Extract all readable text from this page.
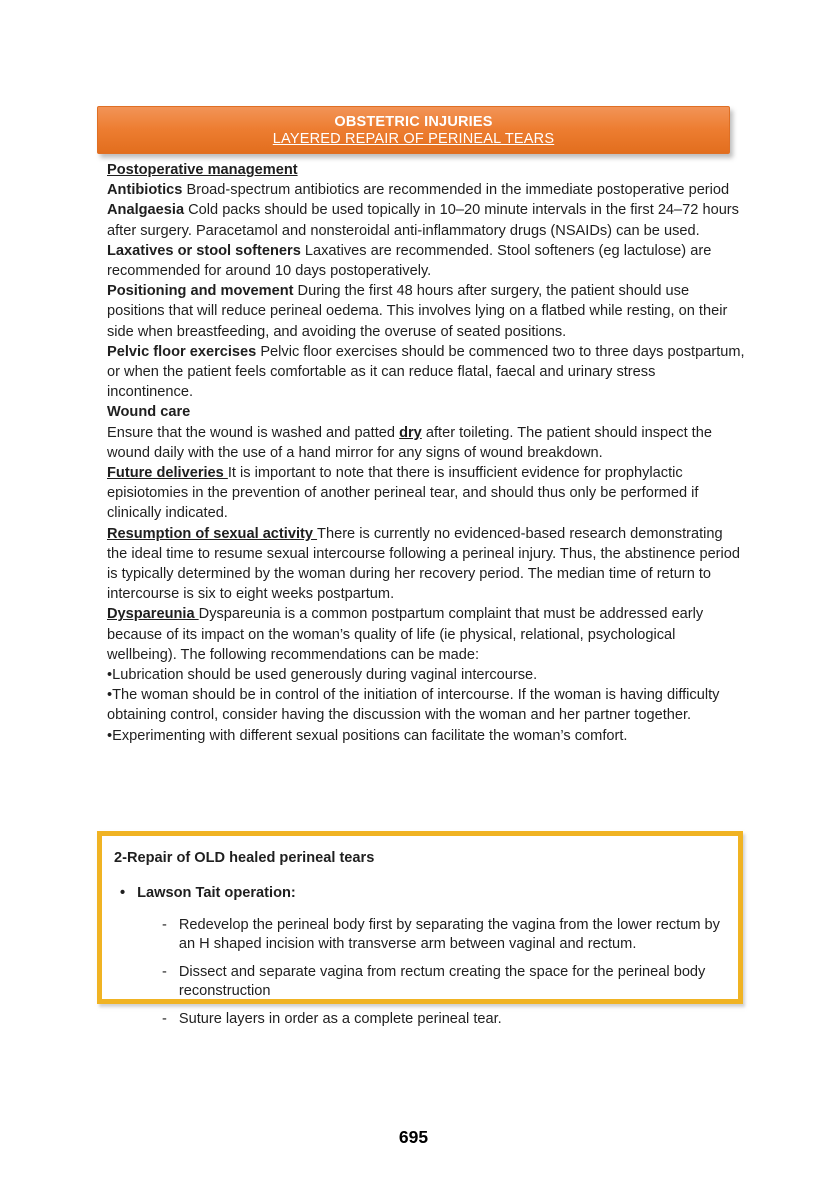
OBSTETRIC INJURIES
LAYERED REPAIR OF PERINEAL TEARS

Postoperative management

Antibiotics Broad-spectrum antibiotics are recommended in the immediate postoperative period

Analgaesia Cold packs should be used topically in 10–20 minute intervals in the first 24–72 hours after surgery. Paracetamol and nonsteroidal anti-inflammatory drugs (NSAIDs) can be used.

Laxatives or stool softeners Laxatives are recommended. Stool softeners (eg lactulose) are recommended for around 10 days postoperatively.

Positioning and movement During the first 48 hours after surgery, the patient should use positions that will reduce perineal oedema. This involves lying on a flatbed while resting, on their side when breastfeeding, and avoiding the overuse of seated positions.

Pelvic floor exercises Pelvic floor exercises should be commenced two to three days postpartum, or when the patient feels comfortable as it can reduce flatal, faecal and urinary stress incontinence.

Wound care

Ensure that the wound is washed and patted dry after toileting. The patient should inspect the wound daily with the use of a hand mirror for any signs of wound breakdown.

Future deliveries It is important to note that there is insufficient evidence for prophylactic episiotomies in the prevention of another perineal tear, and should thus only be performed if clinically indicated.

Resumption of sexual activity There is currently no evidenced-based research demonstrating the ideal time to resume sexual intercourse following a perineal injury. Thus, the abstinence period is typically determined by the woman during her recovery period. The median time of return to intercourse is six to eight weeks postpartum.

Dyspareunia Dyspareunia is a common postpartum complaint that must be addressed early because of its impact on the woman’s quality of life (ie physical, relational, psychological wellbeing). The following recommendations can be made:

•Lubrication should be used generously during vaginal intercourse.

•The woman should be in control of the initiation of intercourse. If the woman is having difficulty obtaining control, consider having the discussion with the woman and her partner together.

•Experimenting with different sexual positions can facilitate the woman’s comfort.

2-Repair of OLD healed perineal tears

• Lawson Tait operation:
- Redevelop the perineal body first by separating the vagina from the lower rectum by an H shaped incision with transverse arm between vaginal and rectum.
- Dissect and separate vagina from rectum creating the space for the perineal body reconstruction
- Suture layers in order as a complete perineal tear.
695
